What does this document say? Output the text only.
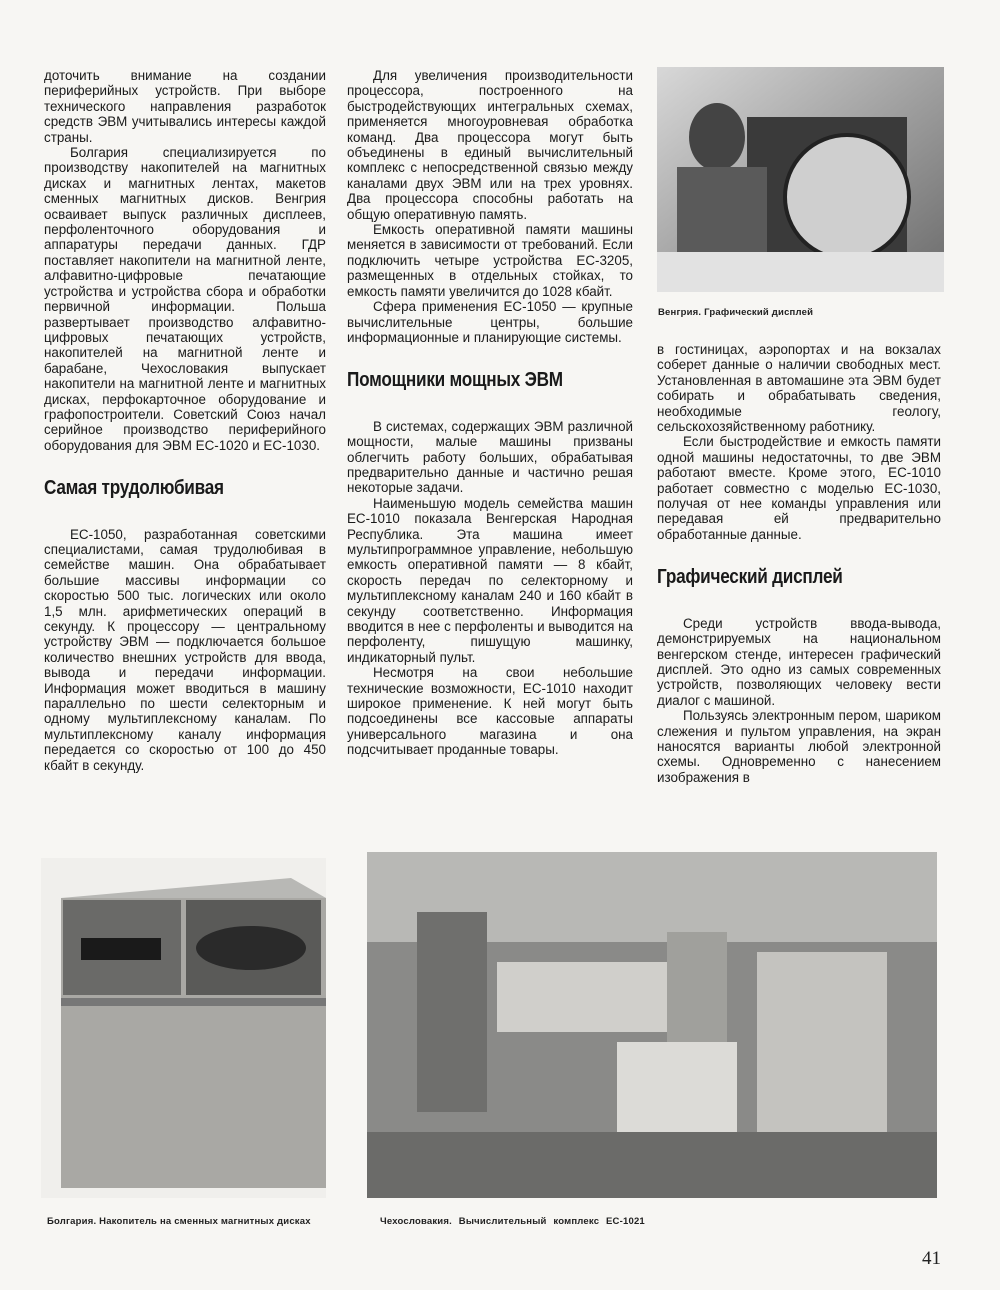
доточить внимание на создании периферийных устройств. При выборе технического направления разработок средств ЭВМ учитывались интересы каждой страны.

Болгария специализируется по производству накопителей на магнитных дисках и магнитных лентах, макетов сменных магнитных дисков. Венгрия осваивает выпуск различных дисплеев, перфоленточного оборудования и аппаратуры передачи данных. ГДР поставляет накопители на магнитной ленте, алфавитно-цифровые печатающие устройства и устройства сбора и обработки первичной информации. Польша развертывает производство алфавитно-цифровых печатающих устройств, накопителей на магнитной ленте и барабане, Чехословакия выпускает накопители на магнитной ленте и магнитных дисках, перфокарточное оборудование и графопостроители. Советский Союз начал серийное производство периферийного оборудования для ЭВМ ЕС-1020 и ЕС-1030.

Самая трудолюбивая

ЕС-1050, разработанная советскими специалистами, самая трудолюбивая в семействе машин. Она обрабатывает большие массивы информации со скоростью 500 тыс. логических или около 1,5 млн. арифметических операций в секунду. К процессору — центральному устройству ЭВМ — подключается большое количество внешних устройств для ввода, вывода и передачи информации. Информация может вводиться в машину параллельно по шести селекторным и одному мультиплексному каналам. По мультиплексному каналу информация передается со скоростью от 100 до 450 кбайт в секунду.

Для увеличения производительности процессора, построенного на быстродействующих интегральных схемах, применяется многоуровневая обработка команд. Два процессора могут быть объединены в единый вычислительный комплекс с непосредственной связью между каналами двух ЭВМ или на трех уровнях. Два процессора способны работать на общую оперативную память.

Емкость оперативной памяти машины меняется в зависимости от требований. Если подключить четыре устройства ЕС-3205, размещенных в отдельных стойках, то емкость памяти увеличится до 1028 кбайт.

Сфера применения ЕС-1050 — крупные вычислительные центры, большие информационные и планирующие системы.

Помощники мощных ЭВМ

В системах, содержащих ЭВМ различной мощности, малые машины призваны облегчить работу больших, обрабатывая предварительно данные и частично решая некоторые задачи.

Наименьшую модель семейства машин ЕС-1010 показала Венгерская Народная Республика. Эта машина имеет мультипрограммное управление, небольшую емкость оперативной памяти — 8 кбайт, скорость передач по селекторному и мультиплексному каналам 240 и 160 кбайт в секунду соответственно. Информация вводится в нее с перфоленты и выводится на перфоленту, пишущую машинку, индикаторный пульт.

Несмотря на свои небольшие технические возможности, ЕС-1010 находит широкое применение. К ней могут быть подсоединены все кассовые аппараты универсального магазина и она подсчитывает проданные товары.

Венгрия. Графический дисплей

в гостиницах, аэропортах и на вокзалах соберет данные о наличии свободных мест. Установленная в автомашине эта ЭВМ будет собирать и обрабатывать сведения, необходимые геологу, сельскохозяйственному работнику.

Если быстродействие и емкость памяти одной машины недостаточны, то две ЭВМ работают вместе. Кроме этого, ЕС-1010 работает совместно с моделью ЕС-1030, получая от нее команды управления или передавая ей предварительно обработанные данные.

Графический дисплей

Среди устройств ввода-вывода, демонстрируемых на национальном венгерском стенде, интересен графический дисплей. Это одно из самых современных устройств, позволяющих человеку вести диалог с машиной.

Пользуясь электронным пером, шариком слежения и пультом управления, на экран наносятся варианты любой электронной схемы. Одновременно с нанесением изображения в

Болгария. Накопитель на сменных магнитных дисках	Чехословакия. Вычислительный комплекс ЕС-1021
41
